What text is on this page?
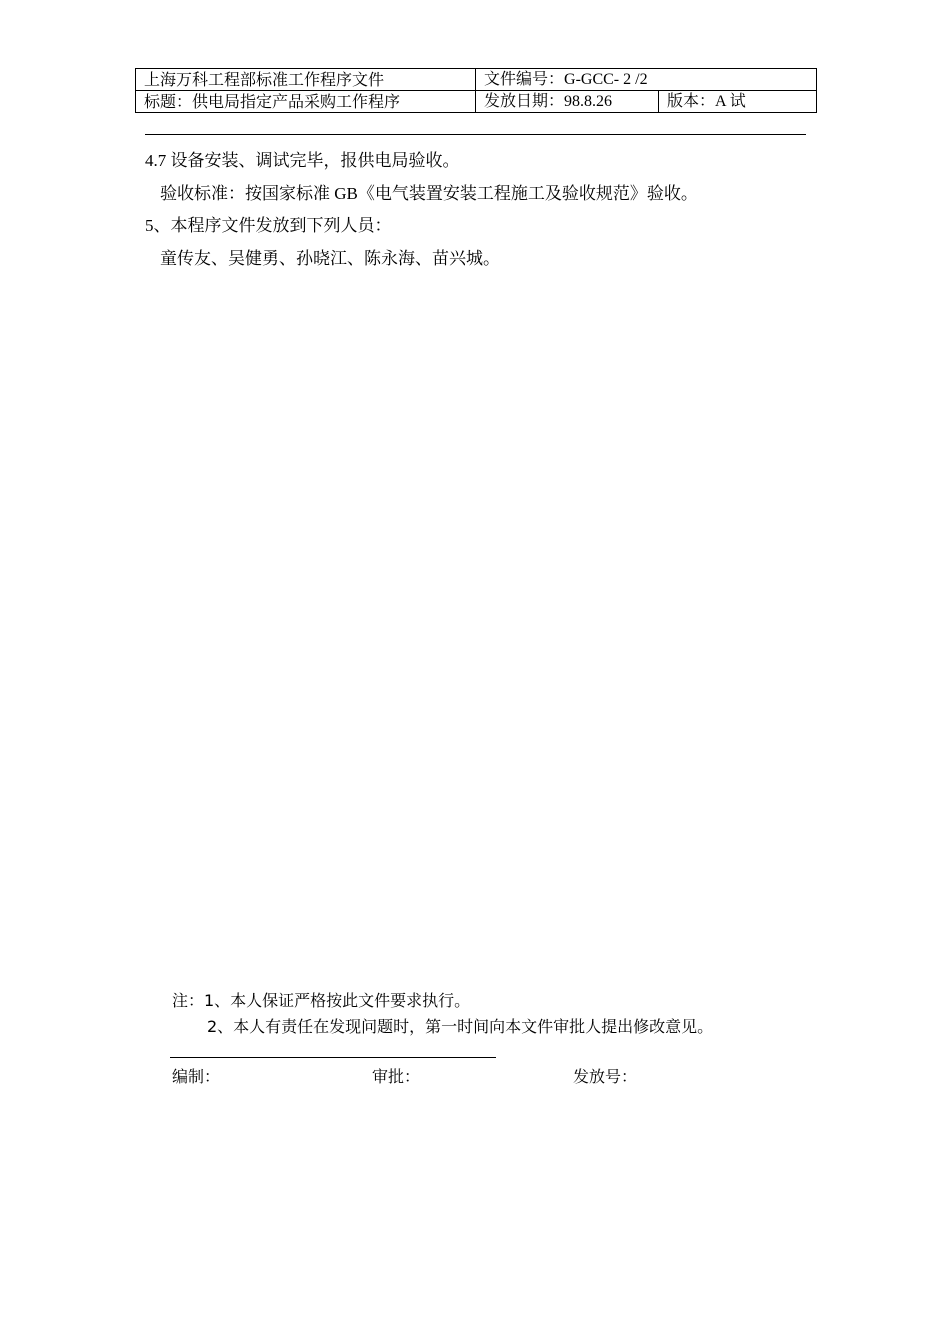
上海万科工程部标准工作程序文件	文件编号：G-GCC- 2 /2	
标题：供电局指定产品采购工作程序	发放日期：98.8.26	版本：A 试
4.7 设备安装、调试完毕，报供电局验收。
验收标准：按国家标准 GB《电气装置安装工程施工及验收规范》验收。
5、本程序文件发放到下列人员：
童传友、吴健勇、孙晓江、陈永海、苗兴城。
注：1、本人保证严格按此文件要求执行。
2、本人有责任在发现问题时，第一时间向本文件审批人提出修改意见。
编制：	审批：	发放号：
